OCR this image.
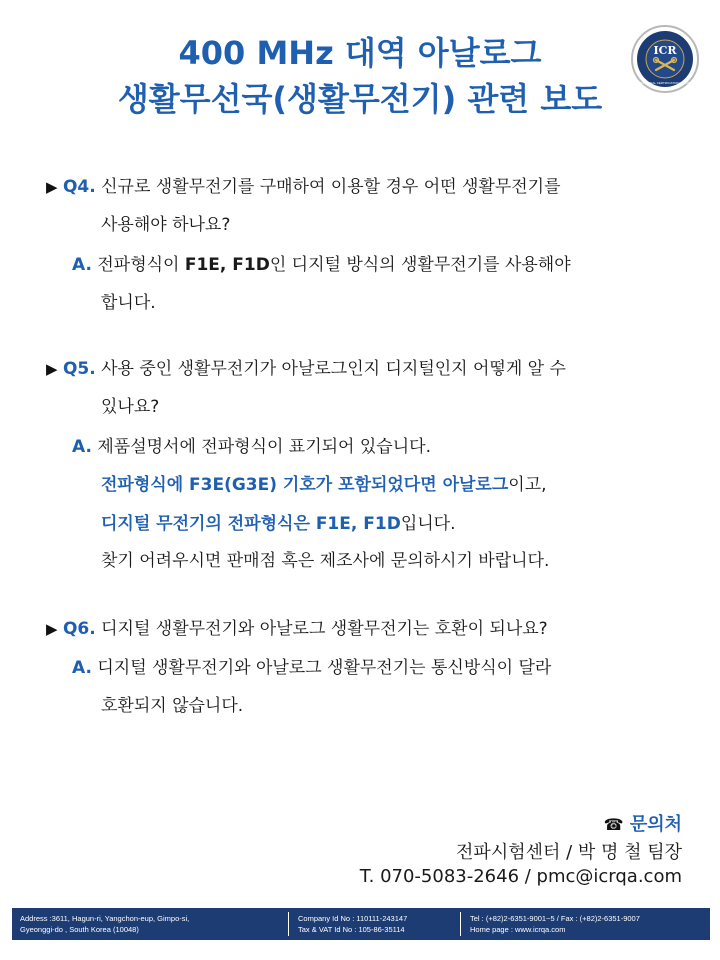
400 MHz 대역 아날로그
생활무선국(생활무전기) 관련 보도
ICR
INTERNATIONAL CERTIFICATION REGISTRAR
▶ Q4. 신규로 생활무전기를 구매하여 이용할 경우 어떤 생활무전기를
사용해야 하나요?
A. 전파형식이 F1E, F1D인 디지털 방식의 생활무전기를 사용해야
합니다.
▶ Q5. 사용 중인 생활무전기가 아날로그인지 디지털인지 어떻게 알 수
있나요?
A. 제품설명서에 전파형식이 표기되어 있습니다.
전파형식에 F3E(G3E) 기호가 포함되었다면 아날로그이고,
디지털 무전기의 전파형식은 F1E, F1D입니다.
찾기 어려우시면 판매점 혹은 제조사에 문의하시기 바랍니다.
▶ Q6. 디지털 생활무전기와 아날로그 생활무전기는 호환이 되나요?
A. 디지털 생활무전기와 아날로그 생활무전기는 통신방식이 달라
호환되지 않습니다.
☎ 문의처
전파시험센터 / 박 명 철 팀장
T. 070-5083-2646 / pmc@icrqa.com
Address :3611, Hagun-ri, Yangchon-eup, Gimpo-si,
Gyeonggi-do , South Korea (10048)
Company Id No : 110111-243147
Tax & VAT Id No : 105-86-35114
Tel : (+82)2-6351-9001~5 / Fax : (+82)2-6351-9007
Home page : www.icrqa.com
